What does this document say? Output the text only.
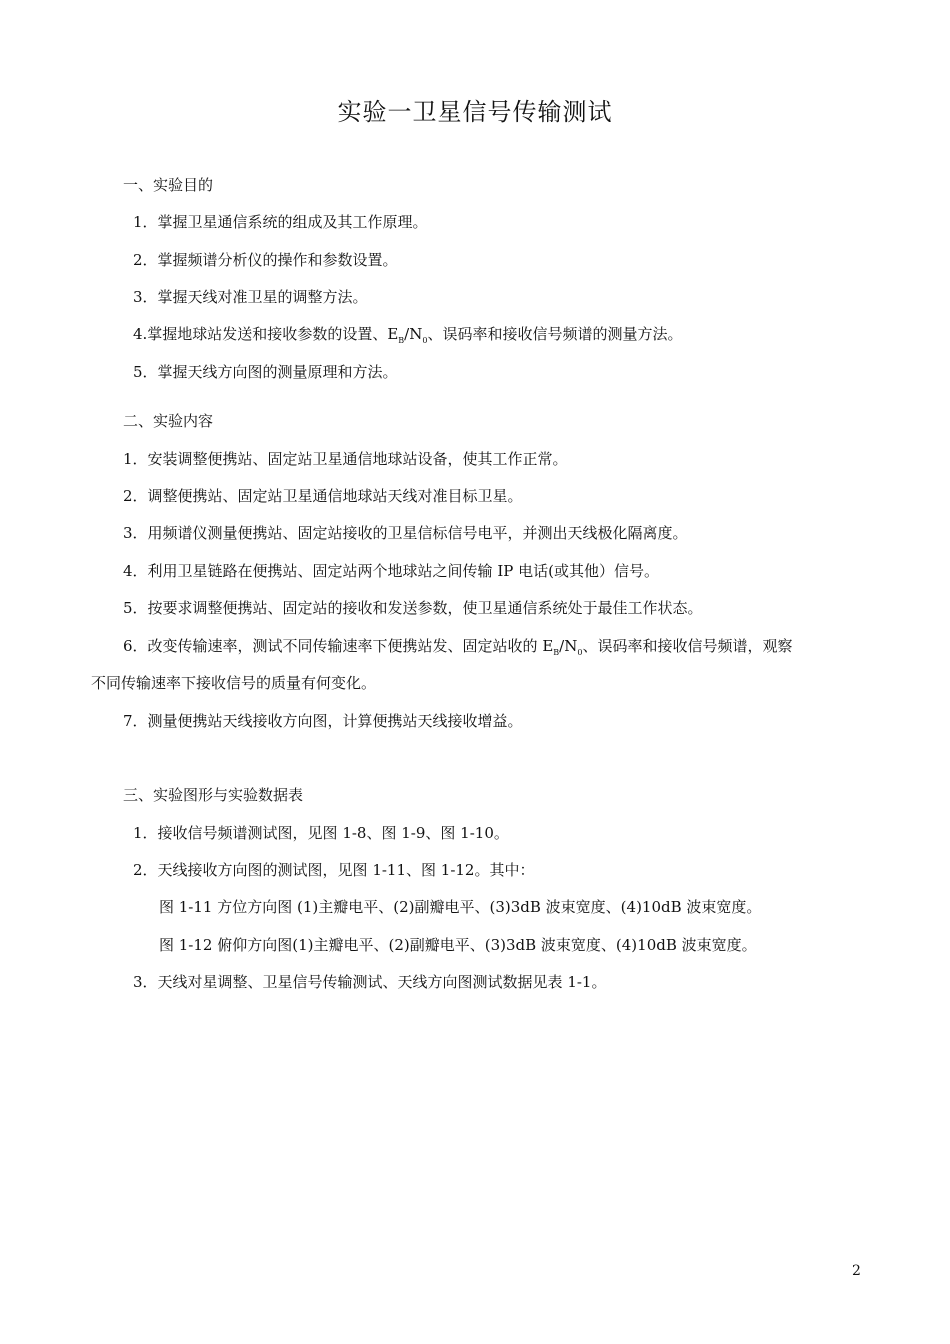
实验一卫星信号传输测试
一、实验目的
1．掌握卫星通信系统的组成及其工作原理。
2．掌握频谱分析仪的操作和参数设置。
3．掌握天线对准卫星的调整方法。
4.掌握地球站发送和接收参数的设置、$E_B/N_0$、误码率和接收信号频谱的测量方法。
5．掌握天线方向图的测量原理和方法。
二、实验内容
1．安装调整便携站、固定站卫星通信地球站设备，使其工作正常。
2．调整便携站、固定站卫星通信地球站天线对准目标卫星。
3．用频谱仪测量便携站、固定站接收的卫星信标信号电平，并测出天线极化隔离度。
4．利用卫星链路在便携站、固定站两个地球站之间传输 IP 电话(或其他）信号。
5．按要求调整便携站、固定站的接收和发送参数，使卫星通信系统处于最佳工作状态。
6．改变传输速率，测试不同传输速率下便携站发、固定站收的 $E_B/N_0$、误码率和接收信号频谱，观察
不同传输速率下接收信号的质量有何变化。
7．测量便携站天线接收方向图，计算便携站天线接收增益。
三、实验图形与实验数据表
1．接收信号频谱测试图，见图 1-8、图 1-9、图 1-10。
2．天线接收方向图的测试图，见图 1-11、图 1-12。其中：
图 1-11 方位方向图 (1)主瓣电平、(2)副瓣电平、(3)3dB 波束宽度、(4)10dB 波束宽度。
图 1-12 俯仰方向图(1)主瓣电平、(2)副瓣电平、(3)3dB 波束宽度、(4)10dB 波束宽度。
3．天线对星调整、卫星信号传输测试、天线方向图测试数据见表 1-1。
2
